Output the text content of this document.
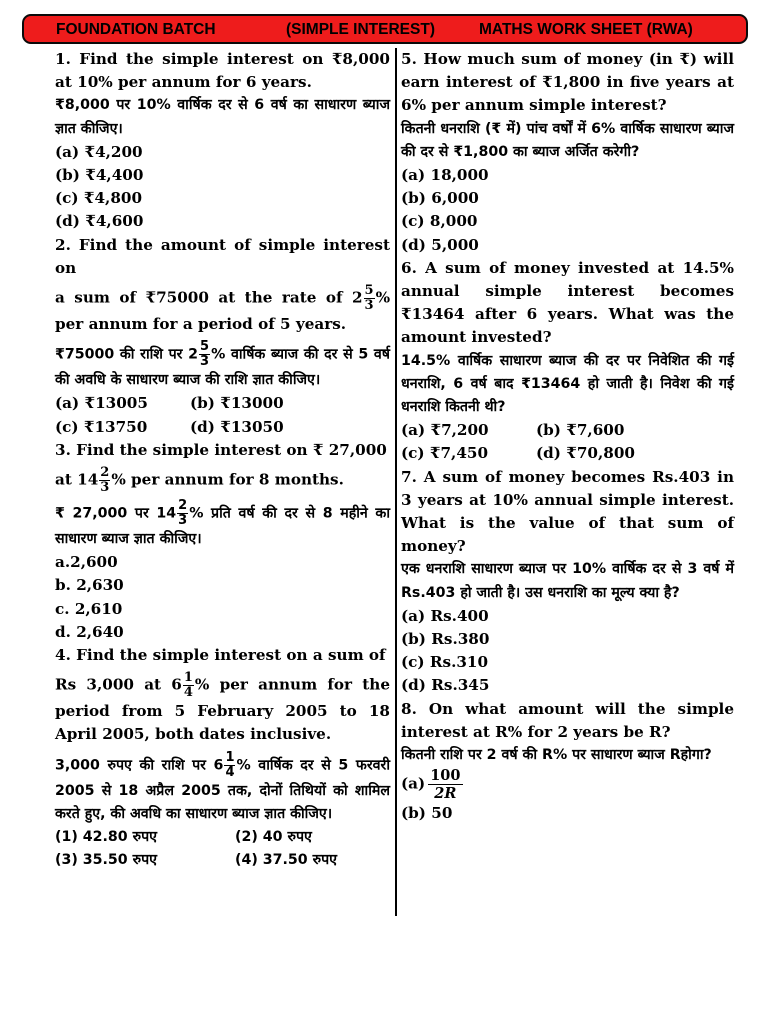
FOUNDATION BATCH	(SIMPLE INTEREST)	MATHS WORK SHEET (RWA)

1. Find the simple interest on ₹8,000 at 10% per annum for 6 years.

₹8,000 पर 10% वार्षिक दर से 6 वर्ष का साधारण ब्याज ज्ञात कीजिए।

(a) ₹4,200
(b) ₹4,400
(c) ₹4,800
(d) ₹4,600

2. Find the amount of simple interest on

a sum of ₹75000 at the rate of $2 \frac{5}{3}$ % per annum for a period of 5 years.

₹75000 की राशि पर $2 \frac{5}{3}$ % वार्षिक ब्याज की दर से 5 वर्ष की अवधि के साधारण ब्याज की राशि ज्ञात कीजिए।

(a) ₹13005	(b) ₹13000
(c) ₹13750	(d) ₹13050

3. Find the simple interest on ₹ 27,000

at $14 \frac{2}{3}$ % per annum for 8 months.

₹ 27,000 पर $14 \frac{2}{3}$ % प्रति वर्ष की दर से 8 महीने का साधारण ब्याज ज्ञात कीजिए।

a.2,600
b. 2,630
c. 2,610
d. 2,640

4. Find the simple interest on a sum of

Rs 3,000 at $6 \frac{1}{4}$ % per annum for the period from 5 February 2005 to 18 April 2005, both dates inclusive.

3,000 रुपए की राशि पर $6 \frac{1}{4}$ % वार्षिक दर से 5 फरवरी 2005 से 18 अप्रैल 2005 तक, दोनों तिथियों को शामिल करते हुए, की अवधि का साधारण ब्याज ज्ञात कीजिए।

(1) 42.80 रुपए	(2) 40 रुपए
(3) 35.50 रुपए	(4) 37.50 रुपए

5. How much sum of money (in ₹) will earn interest of ₹1,800 in five years at 6% per annum simple interest?

कितनी धनराशि (₹ में) पांच वर्षों में 6% वार्षिक साधारण ब्याज की दर से ₹1,800 का ब्याज अर्जित करेगी?

(a) 18,000
(b) 6,000
(c) 8,000
(d) 5,000

6. A sum of money invested at 14.5% annual simple interest becomes ₹13464 after 6 years. What was the amount invested?

14.5% वार्षिक साधारण ब्याज की दर पर निवेशित की गई धनराशि, 6 वर्ष बाद ₹13464 हो जाती है। निवेश की गई धनराशि कितनी थी?

(a) ₹7,200	(b) ₹7,600
(c) ₹7,450	(d) ₹70,800

7. A sum of money becomes Rs.403 in 3 years at 10% annual simple interest. What is the value of that sum of money?

एक धनराशि साधारण ब्याज पर 10% वार्षिक दर से 3 वर्ष में Rs.403 हो जाती है। उस धनराशि का मूल्य क्या है?

(a) Rs.400
(b) Rs.380
(c) Rs.310
(d) Rs.345

8. On what amount will the simple interest at R% for 2 years be R?

कितनी राशि पर 2 वर्ष की R% पर साधारण ब्याज Rहोगा?

$(a) \frac{100}{2R}$
(b) 50
